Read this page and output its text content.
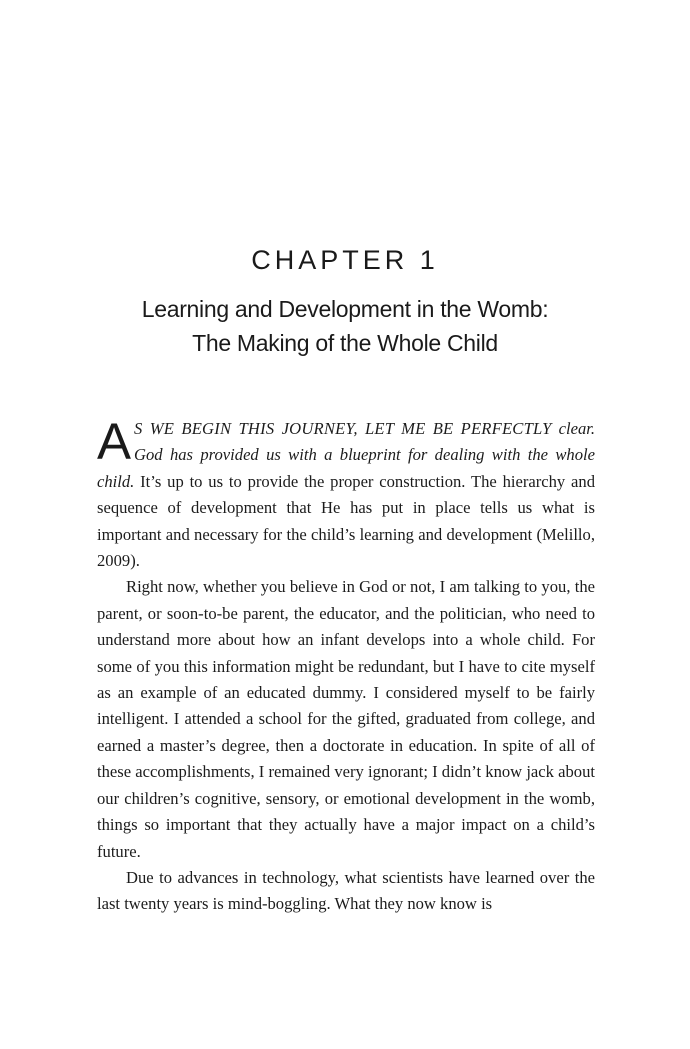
CHAPTER 1
Learning and Development in the Womb:
The Making of the Whole Child

A S WE BEGIN THIS JOURNEY, LET ME BE PERFECTLY clear. God has provided us with a blueprint for dealing with the whole child. It’s up to us to provide the proper construction. The hierarchy and sequence of development that He has put in place tells us what is important and necessary for the child’s learning and development (Melillo, 2009).

Right now, whether you believe in God or not, I am talking to you, the parent, or soon-to-be parent, the educator, and the politician, who need to understand more about how an infant develops into a whole child. For some of you this information might be redundant, but I have to cite myself as an example of an educated dummy. I considered myself to be fairly intelligent. I attended a school for the gifted, graduated from college, and earned a master’s degree, then a doctorate in education. In spite of all of these accomplishments, I remained very ignorant; I didn’t know jack about our children’s cognitive, sensory, or emotional development in the womb, things so important that they actually have a major impact on a child’s future.

Due to advances in technology, what scientists have learned over the last twenty years is mind-boggling. What they now know is
